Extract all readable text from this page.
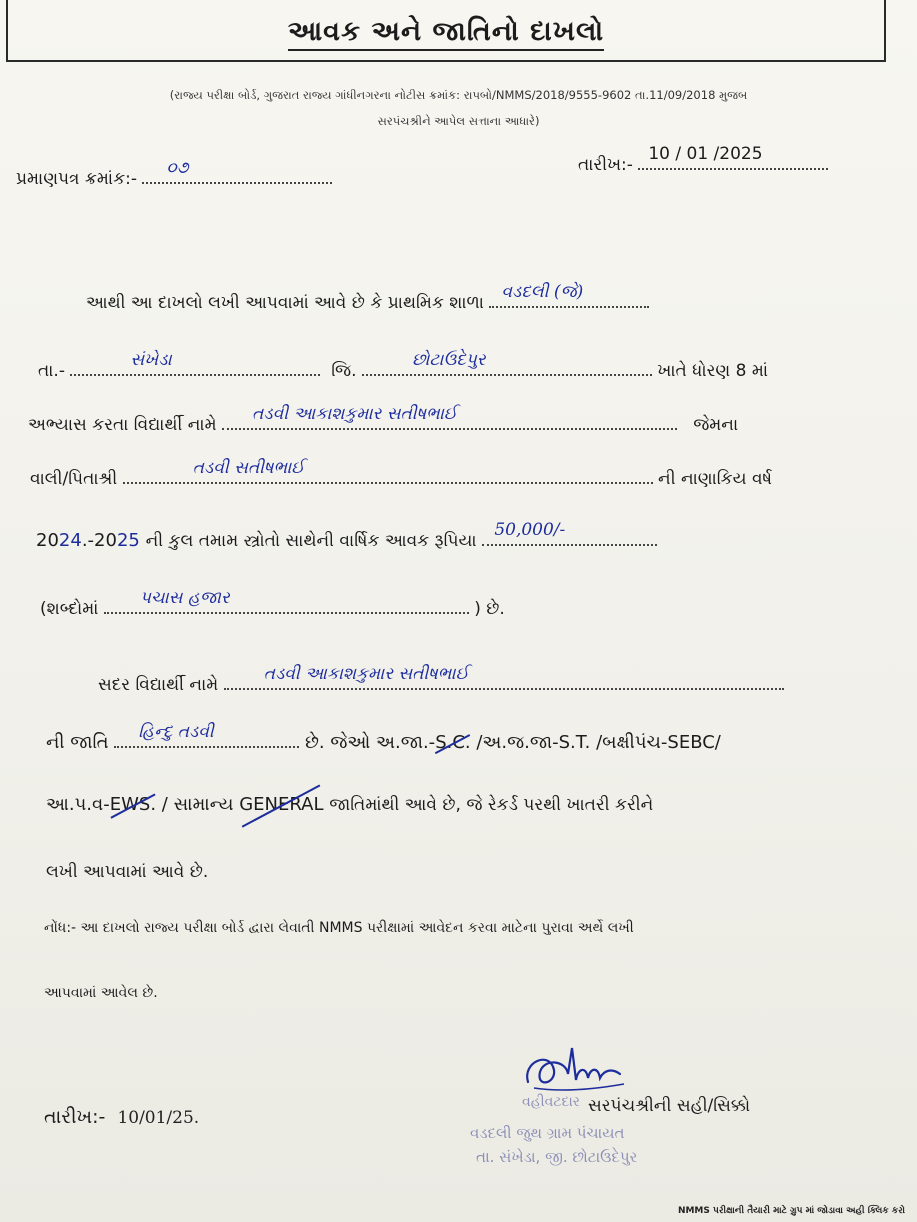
આવક અને જાતિનો દાખલો
(રાજ્ય પરીક્ષા બોર્ડ, ગુજરાત રાજ્ય ગાંધીનગરના નોટીસ ક્રમાંક: રાપબો/NMMS/2018/9555-9602 તા.11/09/2018 મુજબ
સરપંચશ્રીને આપેલ સત્તાના આધારે)
પ્રમાણપત્ર ક્રમાંક:-
૦૭	તારીખ:-
10 / 01 /2025
આથી આ દાખલો લખી આપવામાં આવે છે કે પ્રાથમિક શાળા
વડદલી (જે)
તા.-
સંખેડા
જિ.
છોટાઉદેપુર
ખાતે ધોરણ 8 માં
અભ્યાસ કરતા વિદ્યાર્થી નામે
તડવી આકાશકુમાર સતીષભાઈ
જેમના
વાલી/પિતાશ્રી
તડવી સતીષભાઈ
ની નાણાકિય વર્ષ
2024.-2025 ની કુલ તમામ સ્ત્રોતો સાથેની વાર્ષિક આવક રૂપિયા
50,000/-
(શબ્દોમાં
પચાસ હજાર
) છે.
સદર વિદ્યાર્થી નામે
તડવી આકાશકુમાર સતીષભાઈ
ની જાતિ હિન્દુ તડવી	છે. જેઓ અ.જા.-S.C. /અ.જ.જા-S.T. /બક્ષીપંચ-SEBC/
આ.પ.વ-EWS. / સામાન્ય GENERAL જાતિમાંથી આવે છે, જે રેકર્ડ પરથી ખાતરી કરીને
લખી આપવામાં આવે છે.
નોંધ:- આ દાખલો રાજ્ય પરીક્ષા બોર્ડ દ્વારા લેવાતી NMMS પરીક્ષામાં આવેદન કરવા માટેના પુરાવા અર્થે લખી
આપવામાં આવેલ છે.
તારીખ:- 10/01/25.
વહીવટદાર સરપંચશ્રીની સહી/સિક્કો
વડદલી જુથ ગ્રામ પંચાયત
તા. સંખેડા, જી. છોટાઉદેપુર
NMMS પરીક્ષાની તૈયારી માટે ગ્રુપ માં જોડાવા અહી ક્લિક કરો
